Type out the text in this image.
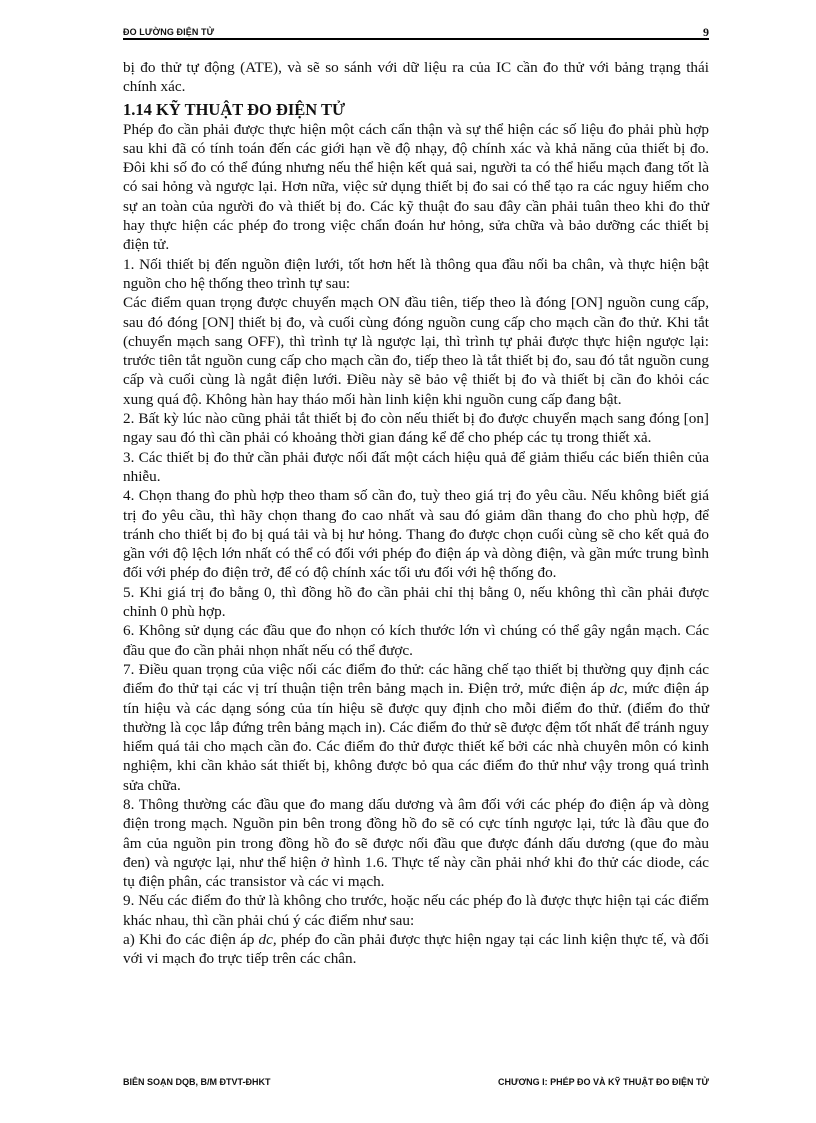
ĐO LƯỜNG ĐIỆN TỬ	9

bị đo thử tự động (ATE), và sẽ so sánh với dữ liệu ra của IC cần đo thử với bảng trạng thái chính xác.

1.14 KỸ THUẬT ĐO ĐIỆN TỬ

Phép đo cần phải được thực hiện một cách cẩn thận và sự thể hiện các số liệu đo phải phù hợp sau khi đã có tính toán đến các giới hạn về độ nhạy, độ chính xác và khả năng của thiết bị đo. Đôi khi số đo có thể đúng nhưng nếu thể hiện kết quả sai, người ta có thể hiểu mạch đang tốt là có sai hỏng và ngược lại. Hơn nữa, việc sử dụng thiết bị đo sai có thể tạo ra các nguy hiểm cho sự an toàn của người đo và thiết bị đo. Các kỹ thuật đo sau đây cần phải tuân theo khi đo thử hay thực hiện các phép đo trong việc chẩn đoán hư hỏng, sửa chữa và bảo dưỡng các thiết bị điện tử.

1. Nối thiết bị đến nguồn điện lưới, tốt hơn hết là thông qua đầu nối ba chân, và thực hiện bật nguồn cho hệ thống theo trình tự sau:

Các điểm quan trọng được chuyển mạch ON đầu tiên, tiếp theo là đóng [ON] nguồn cung cấp, sau đó đóng [ON] thiết bị đo, và cuối cùng đóng nguồn cung cấp cho mạch cần đo thử. Khi tắt (chuyển mạch sang OFF), thì trình tự là ngược lại, thì trình tự phải được thực hiện ngược lại: trước tiên tắt nguồn cung cấp cho mạch cần đo, tiếp theo là tắt thiết bị đo, sau đó tắt nguồn cung cấp và cuối cùng là ngắt điện lưới. Điều này sẽ bảo vệ thiết bị đo và thiết bị cần đo khỏi các xung quá độ. Không hàn hay tháo mối hàn linh kiện khi nguồn cung cấp đang bật.

2. Bất kỳ lúc nào cũng phải tắt thiết bị đo còn nếu thiết bị đo được chuyển mạch sang đóng [on] ngay sau đó thì cần phải có khoảng thời gian đáng kể để cho phép các tụ trong thiết xả.

3. Các thiết bị đo thử cần phải được nối đất một cách hiệu quả để giảm thiểu các biến thiên của nhiễu.

4. Chọn thang đo phù hợp theo tham số cần đo, tuỳ theo giá trị đo yêu cầu. Nếu không biết giá trị đo yêu cầu, thì hãy chọn thang đo cao nhất và sau đó giảm dần thang đo cho phù hợp, để tránh cho thiết bị đo bị quá tải và bị hư hỏng. Thang đo được chọn cuối cùng sẽ cho kết quả đo gần với độ lệch lớn nhất có thể có đối với phép đo điện áp và dòng điện, và gần mức trung bình đối với phép đo điện trở, để có độ chính xác tối ưu đối với hệ thống đo.

5. Khi giá trị đo bằng 0, thì đồng hồ đo cần phải chỉ thị bằng 0, nếu không thì cần phải được chỉnh 0 phù hợp.

6. Không sử dụng các đầu que đo nhọn có kích thước lớn vì chúng có thể gây ngắn mạch. Các đầu que đo cần phải nhọn nhất nếu có thể được.

7. Điều quan trọng của việc nối các điểm đo thử: các hãng chế tạo thiết bị thường quy định các điểm đo thử tại các vị trí thuận tiện trên bảng mạch in. Điện trở, mức điện áp dc, mức điện áp tín hiệu và các dạng sóng của tín hiệu sẽ được quy định cho mỗi điểm đo thử. (điểm đo thử thường là cọc lắp đứng trên bảng mạch in). Các điểm đo thử sẽ được đệm tốt nhất để tránh nguy hiểm quá tải cho mạch cần đo. Các điểm đo thử được thiết kế bởi các nhà chuyên môn có kinh nghiệm, khi cần khảo sát thiết bị, không được bỏ qua các điểm đo thử như vậy trong quá trình sửa chữa.

8. Thông thường các đầu que đo mang dấu dương và âm đối với các phép đo điện áp và dòng điện trong mạch. Nguồn pin bên trong đồng hồ đo sẽ có cực tính ngược lại, tức là đầu que đo âm của nguồn pin trong đồng hồ đo sẽ được nối đầu que được đánh dấu dương (que đo màu đen) và ngược lại, như thể hiện ở hình 1.6. Thực tế này cần phải nhớ khi đo thử các diode, các tụ điện phân, các transistor và các vi mạch.

9. Nếu các điểm đo thử là không cho trước, hoặc nếu các phép đo là được thực hiện tại các điểm khác nhau, thì cần phải chú ý các điểm như sau:

a) Khi đo các điện áp dc, phép đo cần phải được thực hiện ngay tại các linh kiện thực tế, và đối với vi mạch đo trực tiếp trên các chân.

BIÊN SOẠN DQB, B/M ĐTVT-ĐHKT	CHƯƠNG I: PHÉP ĐO VÀ KỸ THUẬT ĐO ĐIỆN TỬ
